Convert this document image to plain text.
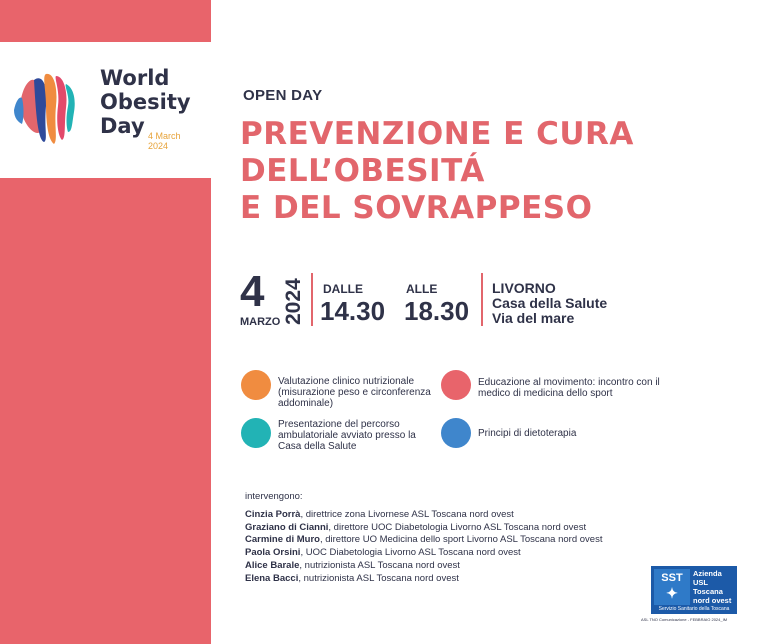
World
Obesity
Day 4 March
2024
OPEN DAY
PREVENZIONE E CURA
DELL’OBESITÁ
E DEL SOVRAPPESO
4
MARZO 2024 DALLE
14.30
ALLE
18.30
LIVORNO
Casa della Salute
Via del mare
Valutazione clinico nutrizionale (misurazione peso e circonferenza addominale)
Educazione al movimento: incontro con il medico di medicina dello sport
Presentazione del percorso ambulatoriale avviato presso la Casa della Salute
Principi di dietoterapia
intervengono:
Cinzia Porrà, direttrice zona Livornese ASL Toscana nord ovest
Graziano di Cianni, direttore UOC Diabetologia Livorno ASL Toscana nord ovest
Carmine di Muro, direttore UO Medicina dello sport Livorno ASL Toscana nord ovest
Paola Orsini, UOC Diabetologia Livorno ASL Toscana nord ovest
Alice Barale, nutrizionista ASL Toscana nord ovest
Elena Bacci, nutrizionista ASL Toscana nord ovest	SST
✦
Azienda
USL
Toscana
nord ovest
Servizio Sanitario della Toscana
ASL TNO Comunicazione - FEBBRAIO 2024_IM
